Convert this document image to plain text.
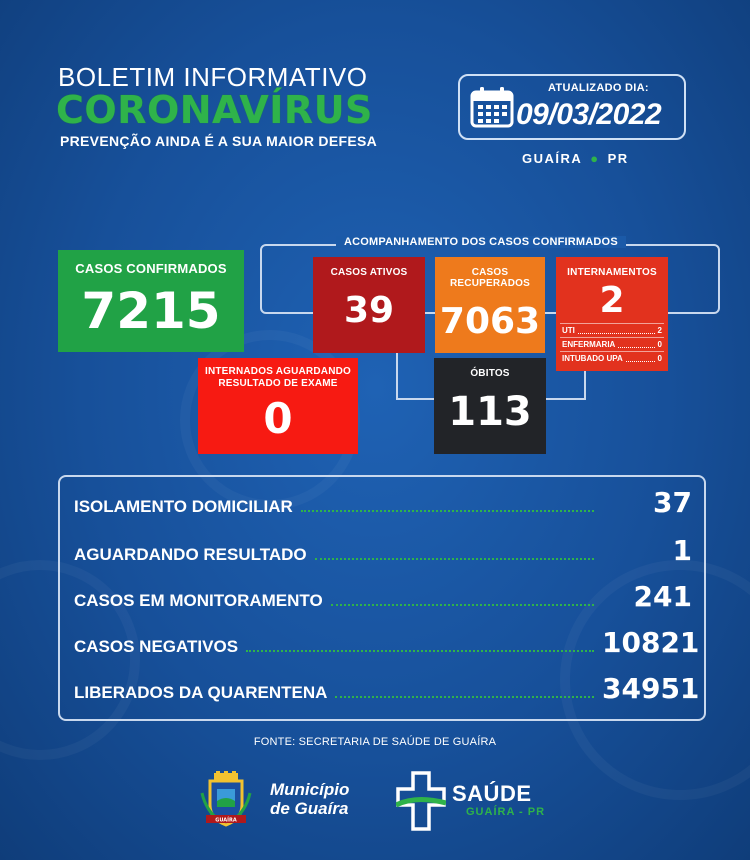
BOLETIM INFORMATIVO
CORONAVÍRUS
PREVENÇÃO AINDA É A SUA MAIOR DEFESA
ATUALIZADO DIA:
09/03/2022
GUAÍRA ● PR
ACOMPANHAMENTO DOS CASOS CONFIRMADOS
CASOS CONFIRMADOS
7215
CASOS ATIVOS
39
CASOS RECUPERADOS
7063
INTERNAMENTOS
2
UTI	2
ENFERMARIA	0
INTUBADO UPA	0
INTERNADOS AGUARDANDO RESULTADO DE EXAME
0
ÓBITOS
113
ISOLAMENTO DOMICILIAR	37
AGUARDANDO RESULTADO	1
CASOS EM MONITORAMENTO	241
CASOS NEGATIVOS	10821
LIBERADOS DA QUARENTENA	34951
FONTE: SECRETARIA DE SAÚDE DE GUAÍRA
GUAÍRA
Município
de Guaíra
SAÚDE
GUAÍRA - PR
